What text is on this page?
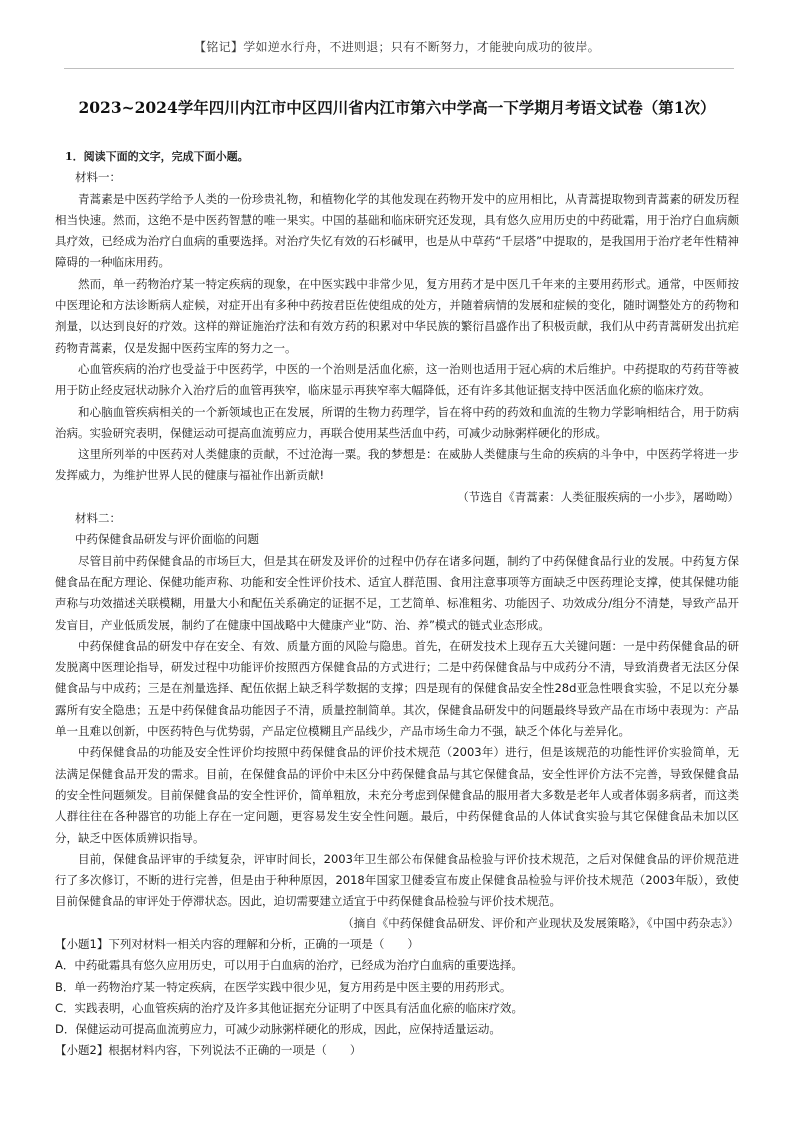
【铭记】学如逆水行舟，不进则退；只有不断努力，才能驶向成功的彼岸。
2023~2024学年四川内江市中区四川省内江市第六中学高一下学期月考语文试卷（第1次）

1．阅读下面的文字，完成下面小题。

材料一：

青蒿素是中医药学给予人类的一份珍贵礼物，和植物化学的其他发现在药物开发中的应用相比，从青蒿提取物到青蒿素的研发历程相当快速。然而，这绝不是中医药智慧的唯一果实。中国的基础和临床研究还发现，具有悠久应用历史的中药砒霜，用于治疗白血病颇具疗效，已经成为治疗白血病的重要选择。对治疗失忆有效的石杉碱甲，也是从中草药“千层塔”中提取的，是我国用于治疗老年性精神障碍的一种临床用药。

然而，单一药物治疗某一特定疾病的现象，在中医实践中非常少见，复方用药才是中医几千年来的主要用药形式。通常，中医师按中医理论和方法诊断病人症候，对症开出有多种中药按君臣佐使组成的处方，并随着病情的发展和症候的变化，随时调整处方的药物和剂量，以达到良好的疗效。这样的辩证施治疗法和有效方药的积累对中华民族的繁衍昌盛作出了积极贡献，我们从中药青蒿研发出抗疟药物青蒿素，仅是发掘中医药宝库的努力之一。

心血管疾病的治疗也受益于中医药学，中医的一个治则是活血化瘀，这一治则也适用于冠心病的术后维护。中药提取的芍药苷等被用于防止经皮冠状动脉介入治疗后的血管再狭窄，临床显示再狭窄率大幅降低，还有许多其他证据支持中医活血化瘀的临床疗效。

和心脑血管疾病相关的一个新领域也正在发展，所谓的生物力药理学，旨在将中药的药效和血流的生物力学影响相结合，用于防病治病。实验研究表明，保健运动可提高血流剪应力，再联合使用某些活血中药，可减少动脉粥样硬化的形成。

这里所列举的中医药对人类健康的贡献，不过沧海一粟。我的梦想是：在威胁人类健康与生命的疾病的斗争中，中医药学将进一步发挥威力，为维护世界人民的健康与福祉作出新贡献!

（节选自《青蒿素：人类征服疾病的一小步》，屠呦呦）

材料二：

中药保健食品研发与评价面临的问题

尽管目前中药保健食品的市场巨大，但是其在研发及评价的过程中仍存在诸多问题，制约了中药保健食品行业的发展。中药复方保健食品在配方理论、保健功能声称、功能和安全性评价技术、适宜人群范围、食用注意事项等方面缺乏中医药理论支撑，使其保健功能声称与功效描述关联模糊，用量大小和配伍关系确定的证据不足，工艺简单、标准粗劣、功能因子、功效成分/组分不清楚，导致产品开发盲目，产业低质发展，制约了在健康中国战略中大健康产业“防、治、养”模式的链式业态形成。

中药保健食品的研发中存在安全、有效、质量方面的风险与隐患。首先，在研发技术上现存五大关键问题：一是中药保健食品的研发脱离中医理论指导，研发过程中功能评价按照西方保健食品的方式进行；二是中药保健食品与中成药分不清，导致消费者无法区分保健食品与中成药；三是在剂量选择、配伍依据上缺乏科学数据的支撑；四是现有的保健食品安全性28d亚急性喂食实验，不足以充分暴露所有安全隐患；五是中药保健食品功能因子不清，质量控制简单。其次，保健食品研发中的问题最终导致产品在市场中表现为：产品单一且难以创新，中医药特色与优势弱，产品定位模糊且产品线少，产品市场生命力不强，缺乏个体化与差异化。

中药保健食品的功能及安全性评价均按照中药保健食品的评价技术规范（2003年）进行，但是该规范的功能性评价实验简单，无法满足保健食品开发的需求。目前，在保健食品的评价中未区分中药保健食品与其它保健食品，安全性评价方法不完善，导致保健食品的安全性问题频发。目前保健食品的安全性评价，简单粗放，未充分考虑到保健食品的服用者大多数是老年人或者体弱多病者，而这类人群往往在各种器官的功能上存在一定问题，更容易发生安全性问题。最后，中药保健食品的人体试食实验与其它保健食品未加以区分，缺乏中医体质辨识指导。

目前，保健食品评审的手续复杂，评审时间长，2003年卫生部公布保健食品检验与评价技术规范，之后对保健食品的评价规范进行了多次修订，不断的进行完善，但是由于种种原因，2018年国家卫健委宣布废止保健食品检验与评价技术规范（2003年版），致使目前保健食品的审评处于停滞状态。因此，迫切需要建立适宜于中药保健食品检验与评价技术规范。

（摘自《中药保健食品研发、评价和产业现状及发展策略》，《中国中药杂志》）

【小题1】下列对材料一相关内容的理解和分析，正确的一项是（　　）

A．中药砒霜具有悠久应用历史，可以用于白血病的治疗，已经成为治疗白血病的重要选择。

B．单一药物治疗某一特定疾病，在医学实践中很少见，复方用药是中医主要的用药形式。

C．实践表明，心血管疾病的治疗及许多其他证据充分证明了中医具有活血化瘀的临床疗效。

D．保健运动可提高血流剪应力，可减少动脉粥样硬化的形成，因此，应保持适量运动。

【小题2】根据材料内容，下列说法不正确的一项是（　　）
